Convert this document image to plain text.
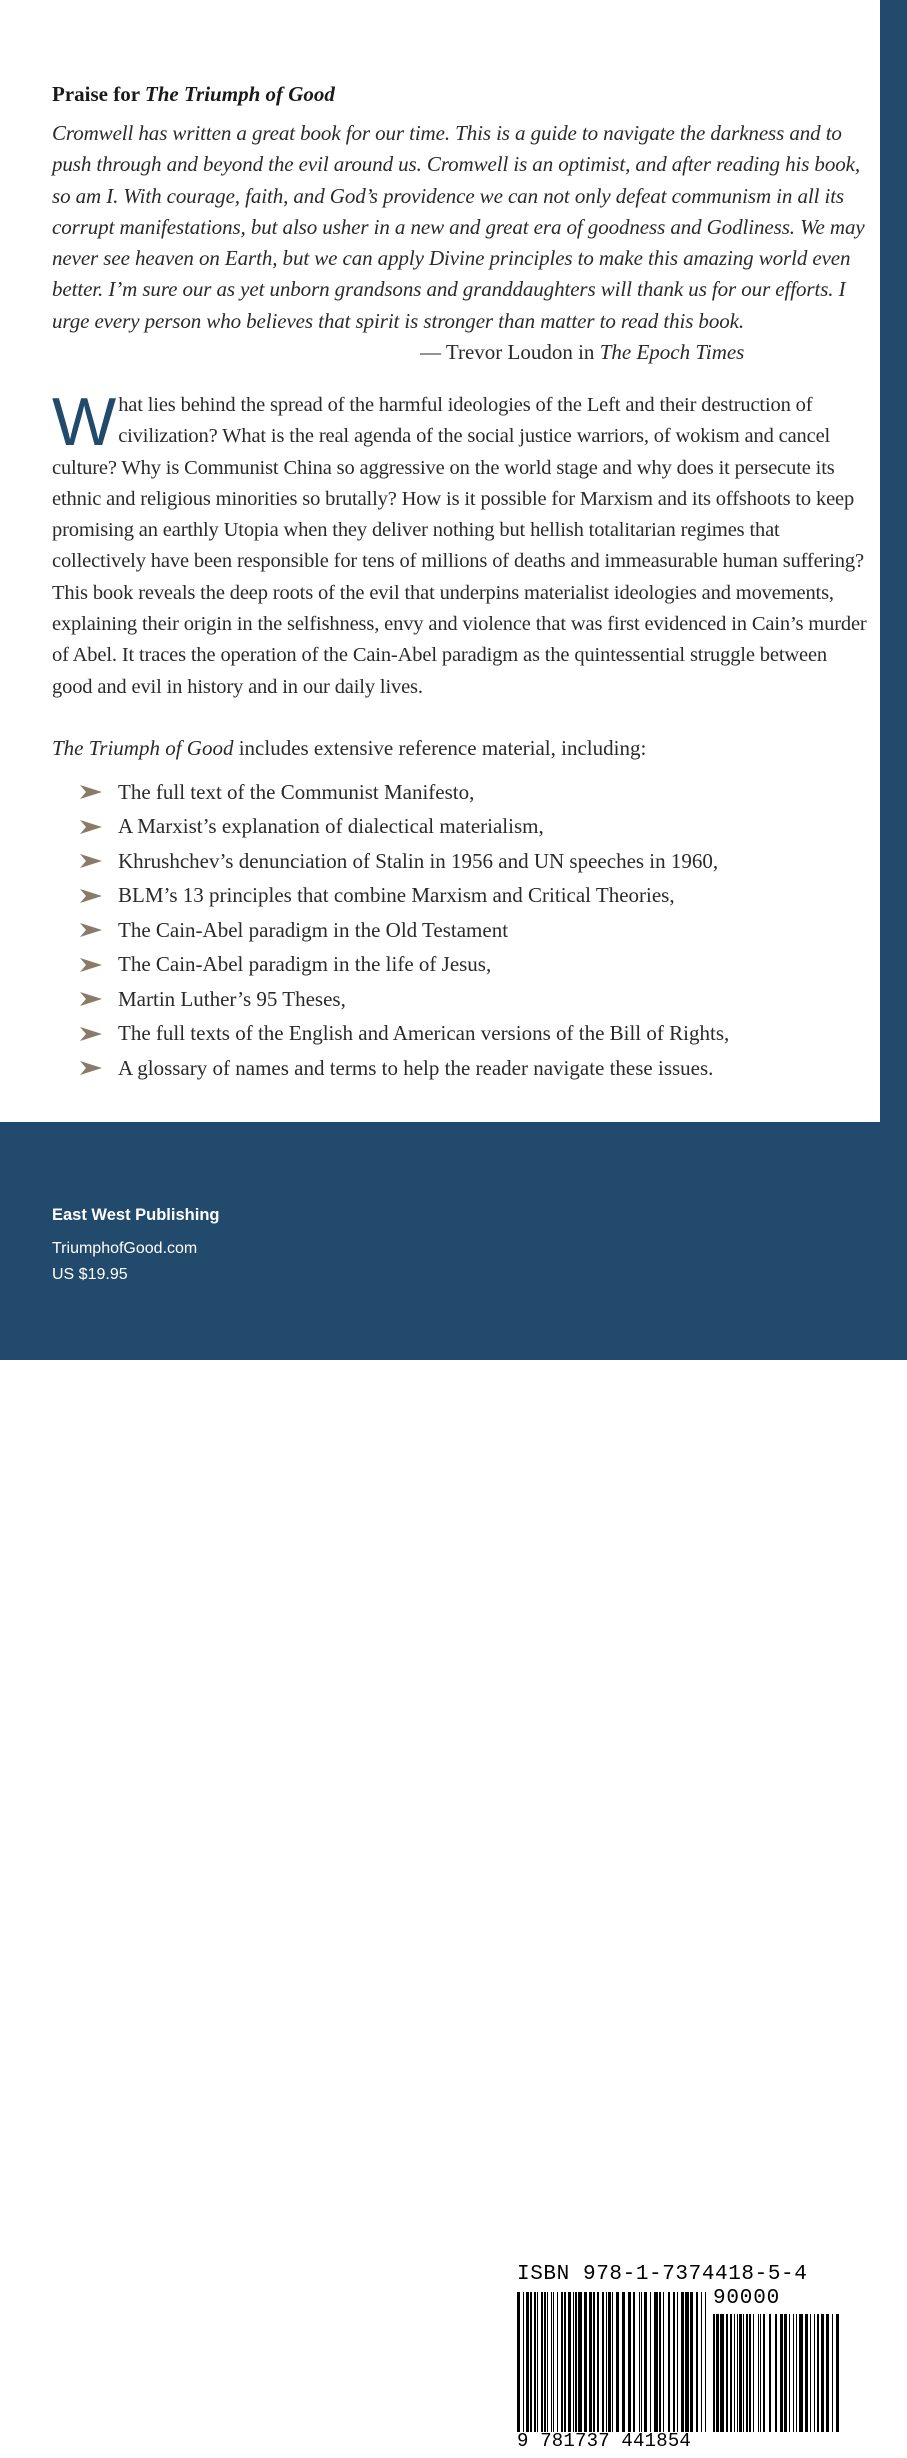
Praise for The Triumph of Good
Cromwell has written a great book for our time. This is a guide to navigate the darkness and to push through and beyond the evil around us. Cromwell is an optimist, and after reading his book, so am I. With courage, faith, and God’s providence we can not only defeat communism in all its corrupt manifestations, but also usher in a new and great era of goodness and Godliness. We may never see heaven on Earth, but we can apply Divine principles to make this amazing world even better. I’m sure our as yet unborn grandsons and granddaughters will thank us for our efforts. I urge every person who believes that spirit is stronger than matter to read this book.
— Trevor Loudon in The Epoch Times
What lies behind the spread of the harmful ideologies of the Left and their destruction of civilization? What is the real agenda of the social justice warriors, of wokism and cancel culture? Why is Communist China so aggressive on the world stage and why does it persecute its ethnic and religious minorities so brutally? How is it possible for Marxism and its offshoots to keep promising an earthly Utopia when they deliver nothing but hellish totalitarian regimes that collectively have been responsible for tens of millions of deaths and immeasurable human suffering? This book reveals the deep roots of the evil that underpins materialist ideologies and movements, explaining their origin in the selfishness, envy and violence that was first evidenced in Cain’s murder of Abel. It traces the operation of the Cain-Abel paradigm as the quintessential struggle between good and evil in history and in our daily lives.
The Triumph of Good includes extensive reference material, including:
The full text of the Communist Manifesto,
A Marxist’s explanation of dialectical materialism,
Khrushchev’s denunciation of Stalin in 1956 and UN speeches in 1960,
BLM’s 13 principles that combine Marxism and Critical Theories,
The Cain-Abel paradigm in the Old Testament
The Cain-Abel paradigm in the life of Jesus,
Martin Luther’s 95 Theses,
The full texts of the English and American versions of the Bill of Rights,
A glossary of names and terms to help the reader navigate these issues.
ISBN 978-1-7374418-5-4
90000
9 781737 441854
East West Publishing
TriumphofGood.com
US $19.95
